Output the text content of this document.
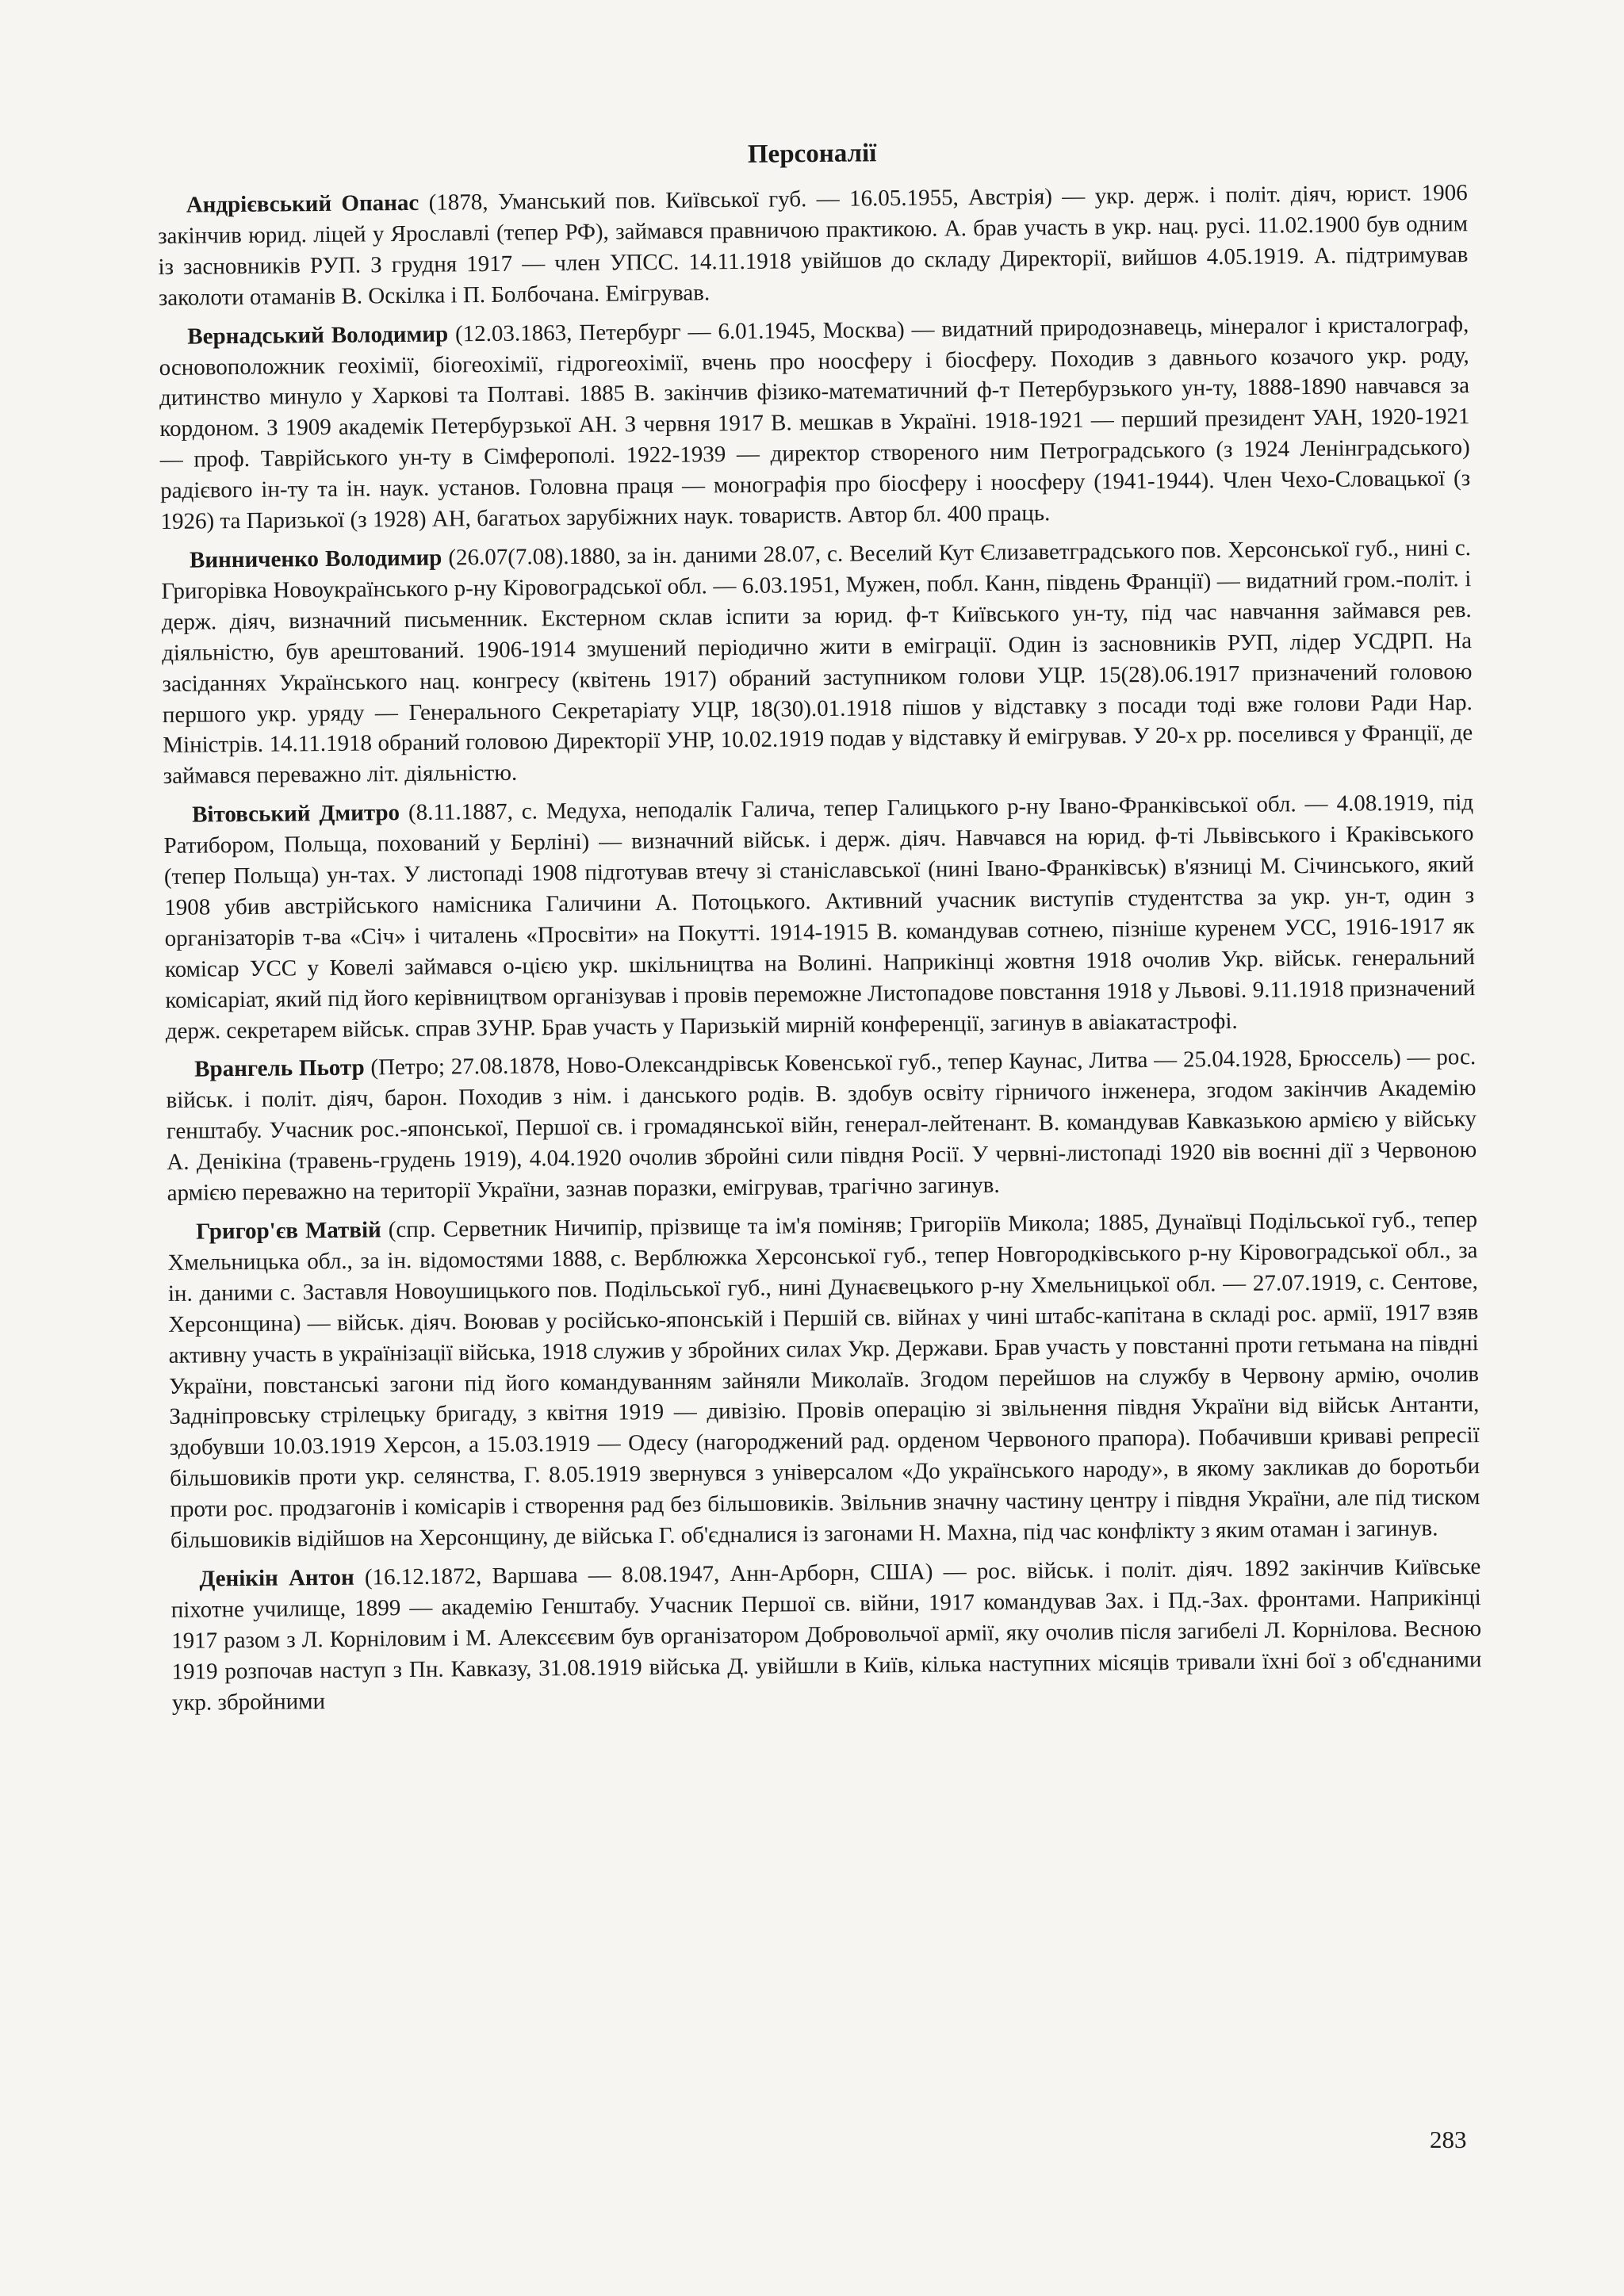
Персоналії

Андрієвський Опанас (1878, Уманський пов. Київської губ. — 16.05.1955, Австрія) — укр. держ. і політ. діяч, юрист. 1906 закінчив юрид. ліцей у Ярославлі (тепер РФ), займався правничою практикою. А. брав участь в укр. нац. русі. 11.02.1900 був одним із засновників РУП. З грудня 1917 — член УПСС. 14.11.1918 увійшов до складу Директорії, вийшов 4.05.1919. А. підтримував заколоти отаманів В. Оскілка і П. Болбочана. Емігрував.

Вернадський Володимир (12.03.1863, Петербург — 6.01.1945, Москва) — видатний природознавець, мінералог і кристалограф, основоположник геохімії, біогеохімії, гідрогеохімії, вчень про ноосферу і біосферу. Походив з давнього козачого укр. роду, дитинство минуло у Харкові та Полтаві. 1885 В. закінчив фізико-математичний ф-т Петербурзького ун-ту, 1888-1890 навчався за кордоном. З 1909 академік Петербурзької АН. З червня 1917 В. мешкав в Україні. 1918-1921 — перший президент УАН, 1920-1921 — проф. Таврійського ун-ту в Сімферополі. 1922-1939 — директор створеного ним Петроградського (з 1924 Ленінградського) радієвого ін-ту та ін. наук. установ. Головна праця — монографія про біосферу і ноосферу (1941-1944). Член Чехо-Словацької (з 1926) та Паризької (з 1928) АН, багатьох зарубіжних наук. товариств. Автор бл. 400 праць.

Винниченко Володимир (26.07(7.08).1880, за ін. даними 28.07, с. Веселий Кут Єлизаветградського пов. Херсонської губ., нині с. Григорівка Новоукраїнського р-ну Кіровоградської обл. — 6.03.1951, Мужен, побл. Канн, південь Франції) — видатний гром.-політ. і держ. діяч, визначний письменник. Екстерном склав іспити за юрид. ф-т Київського ун-ту, під час навчання займався рев. діяльністю, був арештований. 1906-1914 змушений періодично жити в еміграції. Один із засновників РУП, лідер УСДРП. На засіданнях Українського нац. конгресу (квітень 1917) обраний заступником голови УЦР. 15(28).06.1917 призначений головою першого укр. уряду — Генерального Секретаріату УЦР, 18(30).01.1918 пішов у відставку з посади тоді вже голови Ради Нар. Міністрів. 14.11.1918 обраний головою Директорії УНР, 10.02.1919 подав у відставку й емігрував. У 20-х рр. поселився у Франції, де займався переважно літ. діяльністю.

Вітовський Дмитро (8.11.1887, с. Медуха, неподалік Галича, тепер Галицького р-ну Івано-Франківської обл. — 4.08.1919, під Ратибором, Польща, похований у Берліні) — визначний військ. і держ. діяч. Навчався на юрид. ф-ті Львівського і Краківського (тепер Польща) ун-тах. У листопаді 1908 підготував втечу зі станіславської (нині Івано-Франківськ) в'язниці М. Січинського, який 1908 убив австрійського намісника Галичини А. Потоцького. Активний учасник виступів студентства за укр. ун-т, один з організаторів т-ва «Січ» і читалень «Просвіти» на Покутті. 1914-1915 В. командував сотнею, пізніше куренем УСС, 1916-1917 як комісар УСС у Ковелі займався о-цією укр. шкільництва на Волині. Наприкінці жовтня 1918 очолив Укр. військ. генеральний комісаріат, який під його керівництвом організував і провів переможне Листопадове повстання 1918 у Львові. 9.11.1918 призначений держ. секретарем військ. справ ЗУНР. Брав участь у Паризькій мирній конференції, загинув в авіакатастрофі.

Врангель Пьотр (Петро; 27.08.1878, Ново-Олександрівськ Ковенської губ., тепер Каунас, Литва — 25.04.1928, Брюссель) — рос. військ. і політ. діяч, барон. Походив з нім. і данського родів. В. здобув освіту гірничого інженера, згодом закінчив Академію генштабу. Учасник рос.-японської, Першої св. і громадянської війн, генерал-лейтенант. В. командував Кавказькою армією у війську А. Денікіна (травень-грудень 1919), 4.04.1920 очолив збройні сили півдня Росії. У червні-листопаді 1920 вів воєнні дії з Червоною армією переважно на території України, зазнав поразки, емігрував, трагічно загинув.

Григор'єв Матвій (спр. Серветник Ничипір, прізвище та ім'я поміняв; Григоріїв Микола; 1885, Дунаївці Подільської губ., тепер Хмельницька обл., за ін. відомостями 1888, с. Верблюжка Херсонської губ., тепер Новгородківського р-ну Кіровоградської обл., за ін. даними с. Заставля Новоушицького пов. Подільської губ., нині Дунаєвецького р-ну Хмельницької обл. — 27.07.1919, с. Сентове, Херсонщина) — військ. діяч. Воював у російсько-японській і Першій св. війнах у чині штабс-капітана в складі рос. армії, 1917 взяв активну участь в українізації війська, 1918 служив у збройних силах Укр. Держави. Брав участь у повстанні проти гетьмана на півдні України, повстанські загони під його командуванням зайняли Миколаїв. Згодом перейшов на службу в Червону армію, очолив Задніпровську стрілецьку бригаду, з квітня 1919 — дивізію. Провів операцію зі звільнення півдня України від військ Антанти, здобувши 10.03.1919 Херсон, а 15.03.1919 — Одесу (нагороджений рад. орденом Червоного прапора). Побачивши криваві репресії більшовиків проти укр. селянства, Г. 8.05.1919 звернувся з універсалом «До українського народу», в якому закликав до боротьби проти рос. продзагонів і комісарів і створення рад без більшовиків. Звільнив значну частину центру і півдня України, але під тиском більшовиків відійшов на Херсонщину, де війська Г. об'єдналися із загонами Н. Махна, під час конфлікту з яким отаман і загинув.

Денікін Антон (16.12.1872, Варшава — 8.08.1947, Анн-Арборн, США) — рос. військ. і політ. діяч. 1892 закінчив Київське піхотне училище, 1899 — академію Генштабу. Учасник Першої св. війни, 1917 командував Зах. і Пд.-Зах. фронтами. Наприкінці 1917 разом з Л. Корніловим і М. Алексєєвим був організатором Добровольчої армії, яку очолив після загибелі Л. Корнілова. Весною 1919 розпочав наступ з Пн. Кавказу, 31.08.1919 війська Д. увійшли в Київ, кілька наступних місяців тривали їхні бої з об'єднаними укр. збройними

283
